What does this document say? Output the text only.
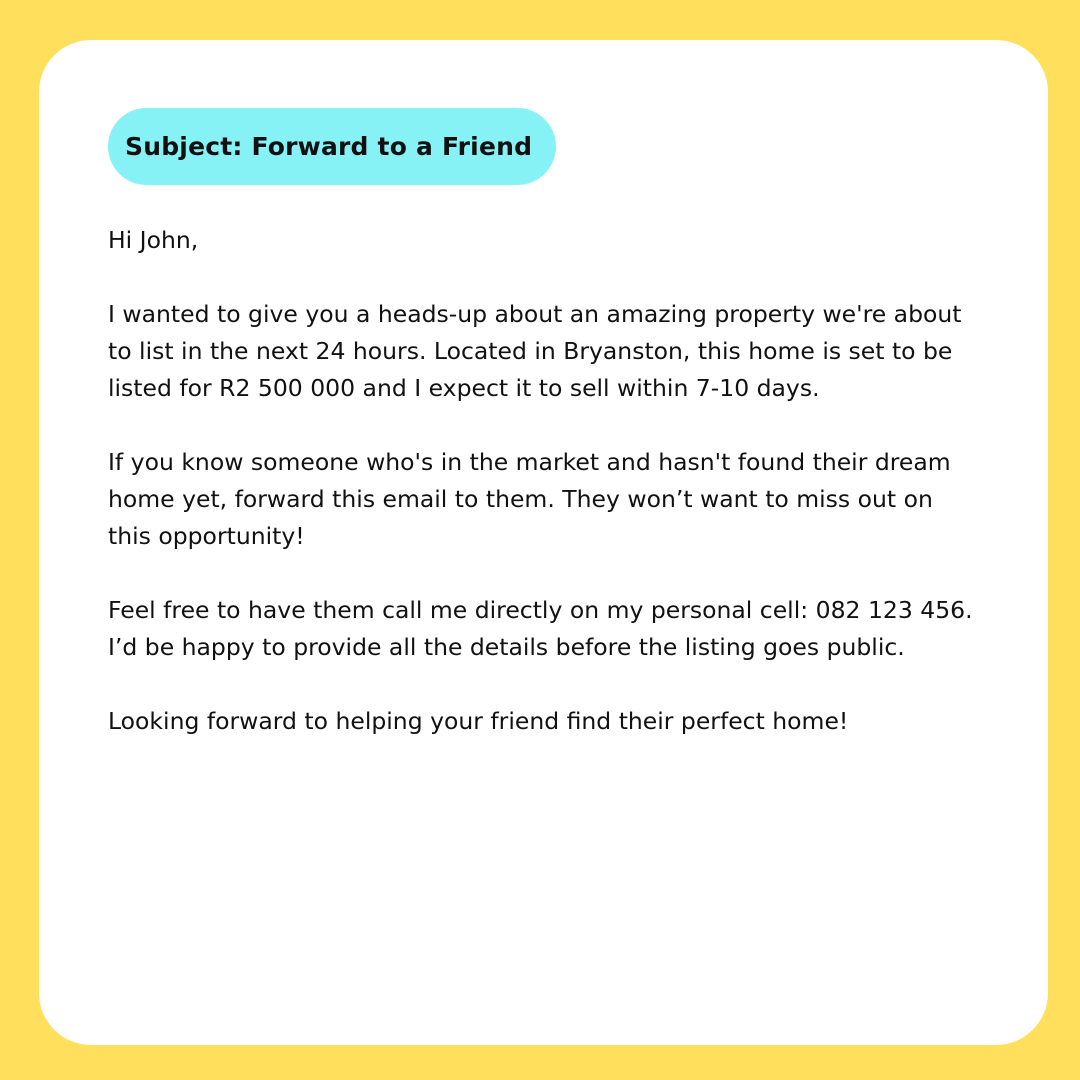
Subject: Forward to a Friend

Hi John,

I wanted to give you a heads-up about an amazing property we're about
to list in the next 24 hours. Located in Bryanston, this home is set to be
listed for R2 500 000 and I expect it to sell within 7-10 days.

If you know someone who's in the market and hasn't found their dream
home yet, forward this email to them. They won’t want to miss out on
this opportunity!

Feel free to have them call me directly on my personal cell: 082 123 456.
I’d be happy to provide all the details before the listing goes public.

Looking forward to helping your friend find their perfect home!
